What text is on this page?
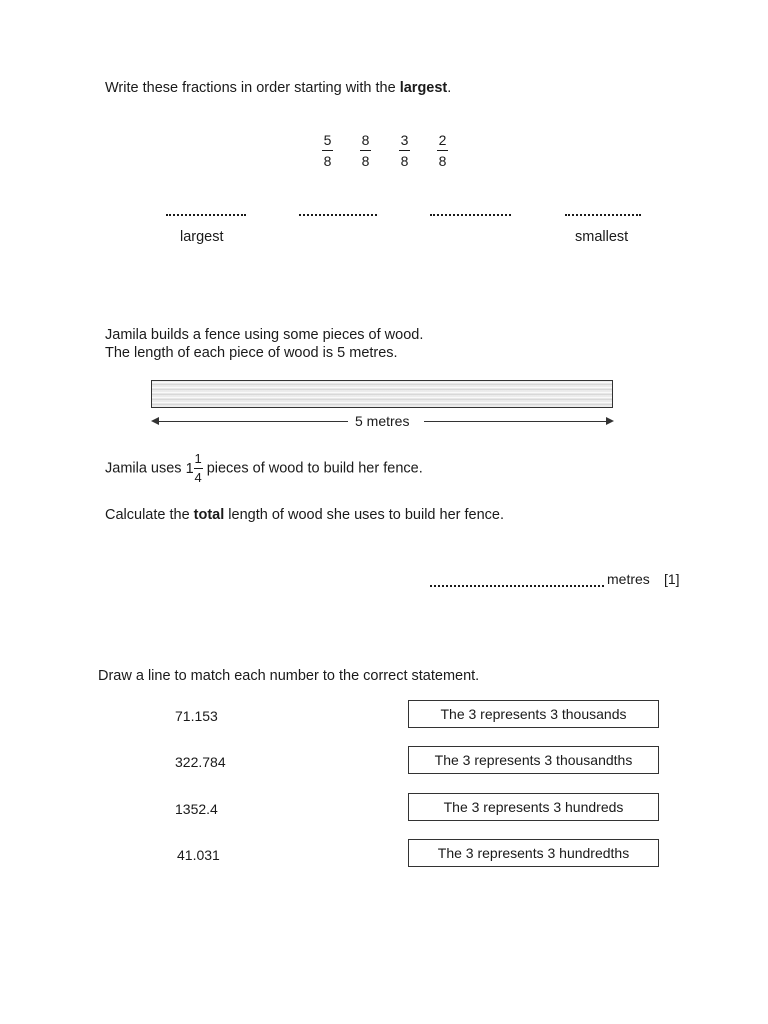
Write these fractions in order starting with the largest.
5
8
8
8
3
8
2
8
largest	smallest
Jamila builds a fence using some pieces of wood.
The length of each piece of wood is 5 metres.
5 metres
Jamila uses $1 \frac{1}{4}$ pieces of wood to build her fence.
Calculate the total length of wood she uses to build her fence.
metres [1]
Draw a line to match each number to the correct statement.
71.153
322.784
1352.4
41.031
The 3 represents 3 thousands
The 3 represents 3 thousandths
The 3 represents 3 hundreds
The 3 represents 3 hundredths
